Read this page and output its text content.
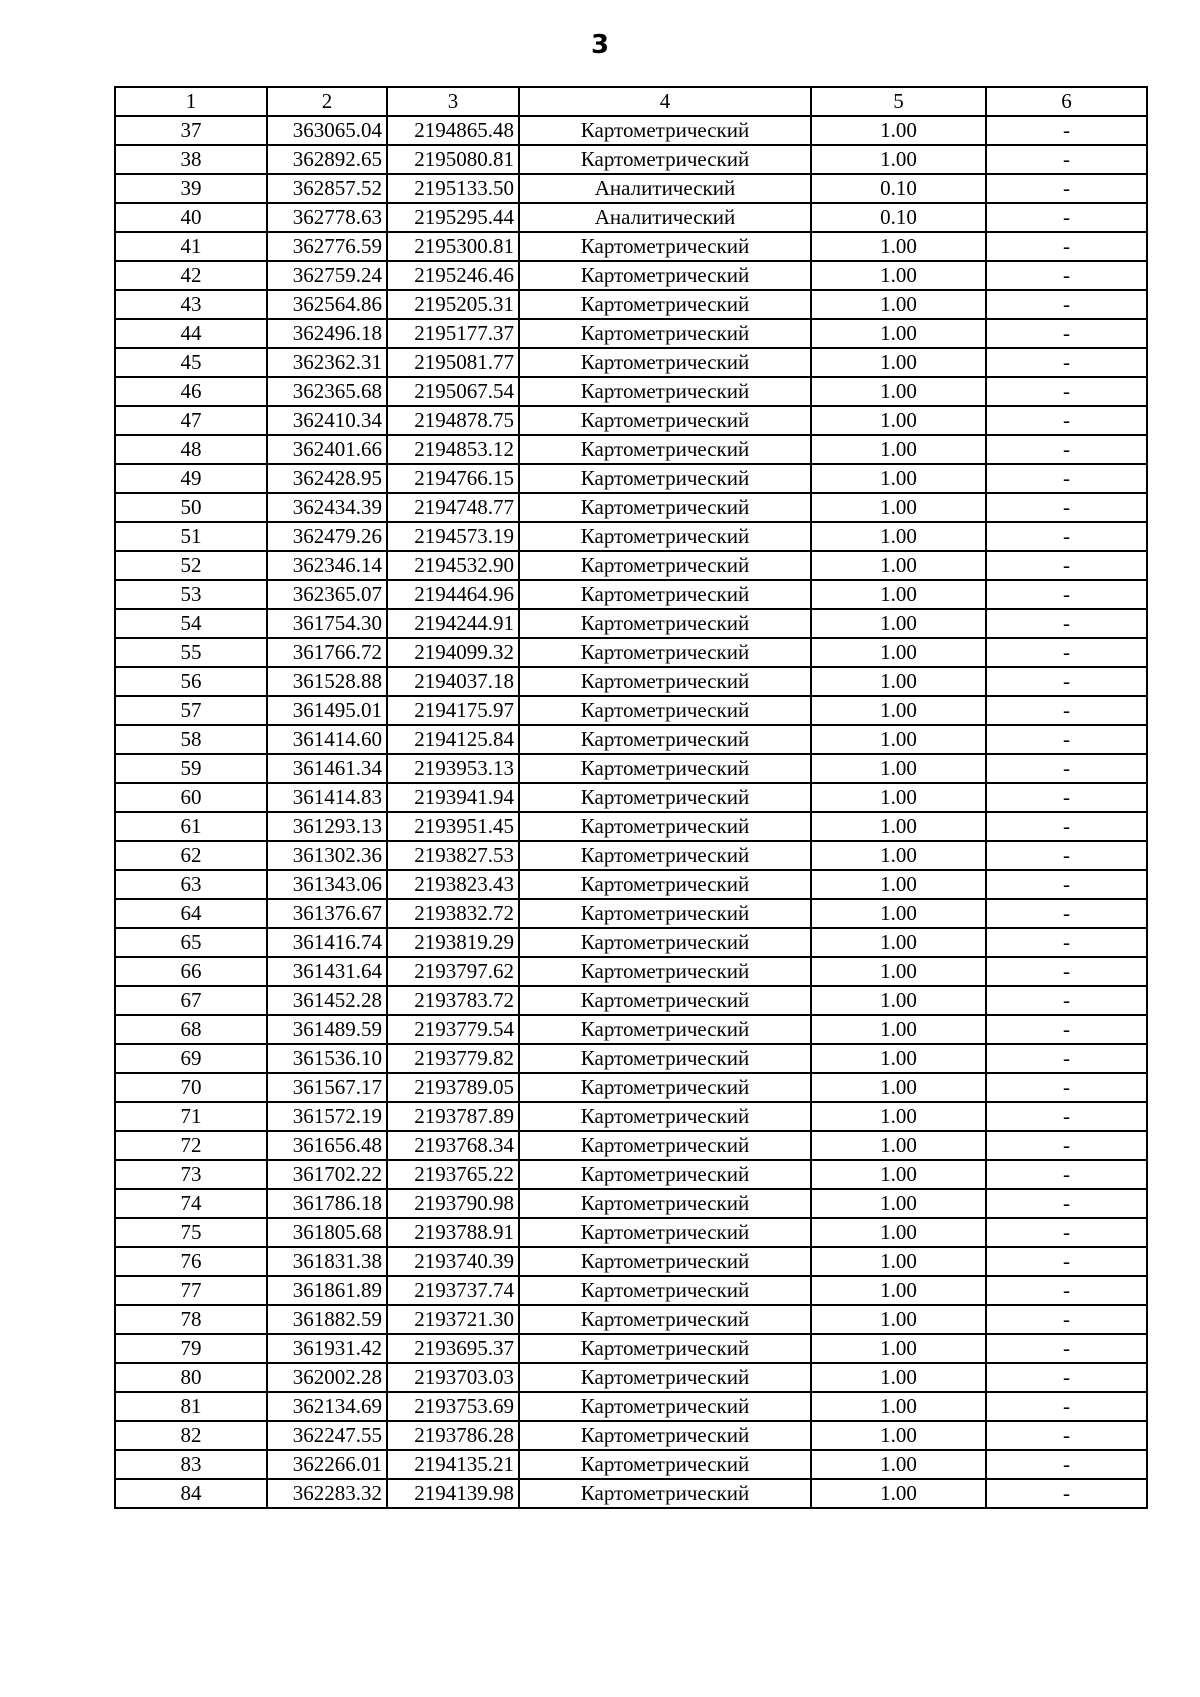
3
1	2	3	4	5	6
37	363065.04	2194865.48	Картометрический	1.00	-
38	362892.65	2195080.81	Картометрический	1.00	-
39	362857.52	2195133.50	Аналитический	0.10	-
40	362778.63	2195295.44	Аналитический	0.10	-
41	362776.59	2195300.81	Картометрический	1.00	-
42	362759.24	2195246.46	Картометрический	1.00	-
43	362564.86	2195205.31	Картометрический	1.00	-
44	362496.18	2195177.37	Картометрический	1.00	-
45	362362.31	2195081.77	Картометрический	1.00	-
46	362365.68	2195067.54	Картометрический	1.00	-
47	362410.34	2194878.75	Картометрический	1.00	-
48	362401.66	2194853.12	Картометрический	1.00	-
49	362428.95	2194766.15	Картометрический	1.00	-
50	362434.39	2194748.77	Картометрический	1.00	-
51	362479.26	2194573.19	Картометрический	1.00	-
52	362346.14	2194532.90	Картометрический	1.00	-
53	362365.07	2194464.96	Картометрический	1.00	-
54	361754.30	2194244.91	Картометрический	1.00	-
55	361766.72	2194099.32	Картометрический	1.00	-
56	361528.88	2194037.18	Картометрический	1.00	-
57	361495.01	2194175.97	Картометрический	1.00	-
58	361414.60	2194125.84	Картометрический	1.00	-
59	361461.34	2193953.13	Картометрический	1.00	-
60	361414.83	2193941.94	Картометрический	1.00	-
61	361293.13	2193951.45	Картометрический	1.00	-
62	361302.36	2193827.53	Картометрический	1.00	-
63	361343.06	2193823.43	Картометрический	1.00	-
64	361376.67	2193832.72	Картометрический	1.00	-
65	361416.74	2193819.29	Картометрический	1.00	-
66	361431.64	2193797.62	Картометрический	1.00	-
67	361452.28	2193783.72	Картометрический	1.00	-
68	361489.59	2193779.54	Картометрический	1.00	-
69	361536.10	2193779.82	Картометрический	1.00	-
70	361567.17	2193789.05	Картометрический	1.00	-
71	361572.19	2193787.89	Картометрический	1.00	-
72	361656.48	2193768.34	Картометрический	1.00	-
73	361702.22	2193765.22	Картометрический	1.00	-
74	361786.18	2193790.98	Картометрический	1.00	-
75	361805.68	2193788.91	Картометрический	1.00	-
76	361831.38	2193740.39	Картометрический	1.00	-
77	361861.89	2193737.74	Картометрический	1.00	-
78	361882.59	2193721.30	Картометрический	1.00	-
79	361931.42	2193695.37	Картометрический	1.00	-
80	362002.28	2193703.03	Картометрический	1.00	-
81	362134.69	2193753.69	Картометрический	1.00	-
82	362247.55	2193786.28	Картометрический	1.00	-
83	362266.01	2194135.21	Картометрический	1.00	-
84	362283.32	2194139.98	Картометрический	1.00	-
